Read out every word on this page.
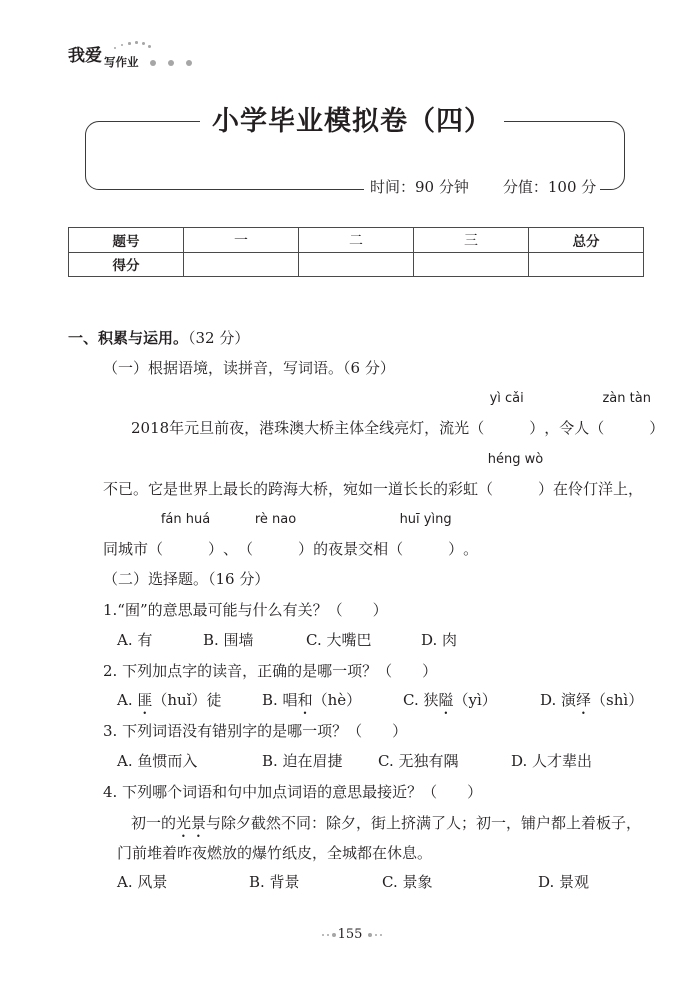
我爱 写作业
小学毕业模拟卷（四）
时间：90 分钟 分值：100 分
题号	一	二	三	总分
得分				
一、积累与运用。（32 分）
（一）根据语境，读拼音，写词语。（6 分）
2018年元旦前夜，港珠澳大桥主体全线亮灯，流光
yì cǎi
（　　　），令人
zàn tàn
（　　　）
不已。它是世界上最长的跨海大桥，宛如一道长长的彩虹
héng wò
（　　　）在伶仃洋上，
同城市
fán huá
（　　　）、
rè nao
（　　　）的夜景交相
huī yìng
（　　　）。
（二）选择题。（16 分）
1.“囿”的意思最可能与什么有关？（　　）
A. 有	B. 围墙	C. 大嘴巴	D. 肉
2. 下列加点字的读音，正确的是哪一项？（　　）
A. 匪（huǐ）徒	B. 唱和（hè）	C. 狭隘（yì）	D. 演绎（shì）
3. 下列词语没有错别字的是哪一项？（　　）
A. 鱼惯而入	B. 迫在眉捷 C. 无独有隅	D. 人才辈出
4. 下列哪个词语和句中加点词语的意思最接近？（　　）
初一的光景与除夕截然不同：除夕，街上挤满了人；初一，铺户都上着板子，
门前堆着昨夜燃放的爆竹纸皮，全城都在休息。
A. 风景	B. 背景	C. 景象	D. 景观
155
